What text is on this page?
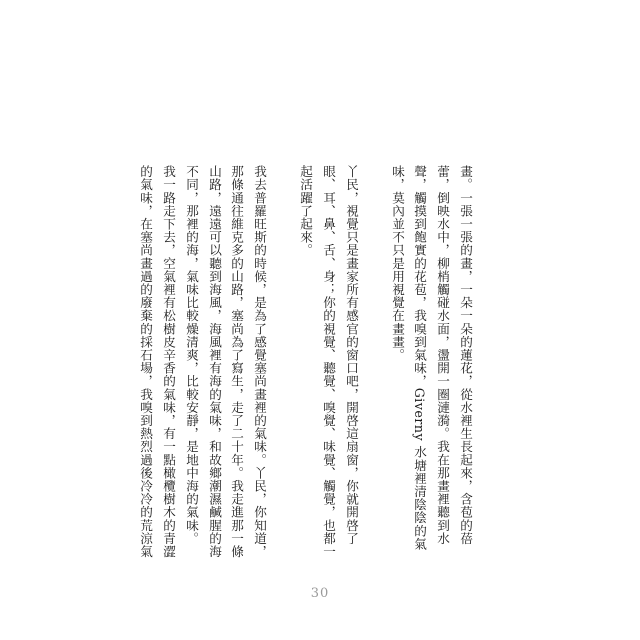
畫。一張一張的畫，一朵一朵的蓮花，從水裡生長起來，含苞的蓓
蕾，倒映水中，柳梢觸碰水面，盪開一圈漣漪。我在那畫裡聽到水
聲，觸摸到飽實的花苞，我嗅到氣味，Giverny 水塘裡清陰陰的氣
味，莫內並不只是用視覺在畫畫。
丫民，視覺只是畫家所有感官的窗口吧，開啓這扇窗，你就開啓了
眼、耳、鼻、舌、身；你的視覺、聽覺、嗅覺、味覺、觸覺，也都一
起活躍了起來。
我去普羅旺斯的時候，是為了感覺塞尚畫裡的氣味。丫民，你知道，
那條通往維克多的山路，塞尚為了寫生，走了二十年。我走進那一條
山路，遠遠可以聽到海風，海風裡有海的氣味，和故鄉潮濕鹹腥的海
不同，那裡的海，氣味比較燥清爽，比較安靜，是地中海的氣味。
我一路走下去，空氣裡有松樹皮辛香的氣味，有一點橄欖樹木的青澀
的氣味，在塞尚畫過的廢棄的採石場，我嗅到熱烈過後冷冷的荒涼氣
30
